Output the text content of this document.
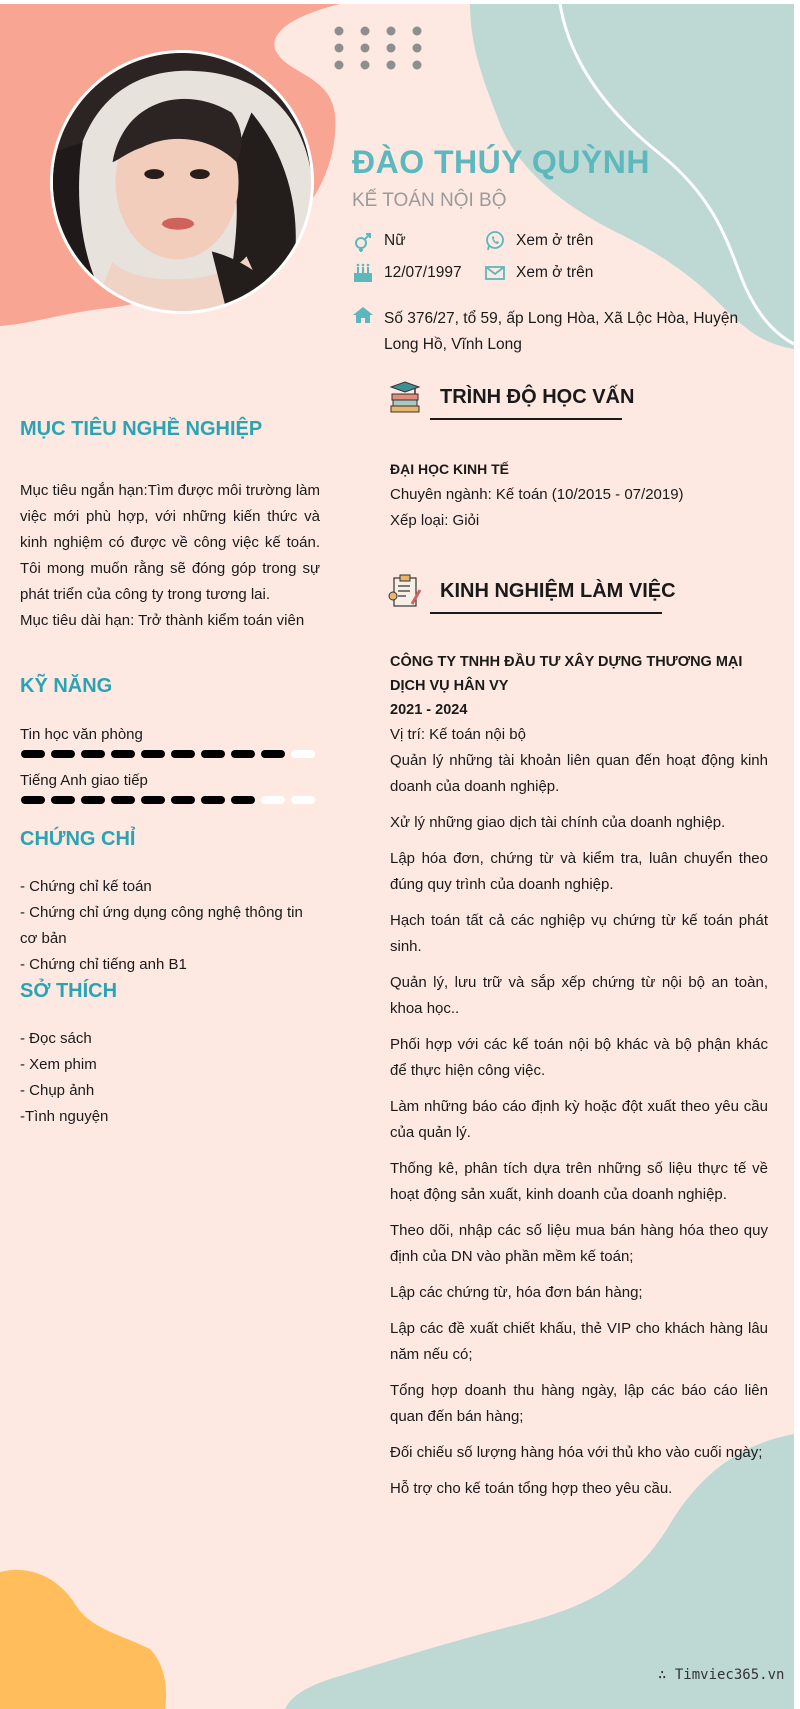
ĐÀO THÚY QUỲNH
KẾ TOÁN NỘI BỘ
Nữ	Xem ở trên
12/07/1997	Xem ở trên
Số 376/27, tổ 59, ấp Long Hòa, Xã Lộc Hòa, Huyện Long Hồ, Vĩnh Long
MỤC TIÊU NGHỀ NGHIỆP
Mục tiêu ngắn hạn:Tìm được môi trường làm việc mới phù hợp, với những kiến thức và kinh nghiệm có được về công việc kế toán. Tôi mong muốn rằng sẽ đóng góp trong sự phát triển của công ty trong tương lai.
Mục tiêu dài hạn: Trở thành kiểm toán viên
KỸ NĂNG
Tin học văn phòng
Tiếng Anh giao tiếp
CHỨNG CHỈ
- Chứng chỉ kế toán
- Chứng chỉ ứng dụng công nghệ thông tin cơ bản
- Chứng chỉ tiếng anh B1
SỞ THÍCH
- Đọc sách
- Xem phim
- Chụp ảnh
-Tình nguyện
TRÌNH ĐỘ HỌC VẤN
ĐẠI HỌC KINH TẾ
Chuyên ngành: Kế toán (10/2015 - 07/2019)
Xếp loại: Giỏi
KINH NGHIỆM LÀM VIỆC
CÔNG TY TNHH ĐẦU TƯ XÂY DỰNG THƯƠNG MẠI DỊCH VỤ HÂN VY
2021 - 2024
Vị trí: Kế toán nội bộ
Quản lý những tài khoản liên quan đến hoạt động kinh doanh của doanh nghiệp.
Xử lý những giao dịch tài chính của doanh nghiệp.
Lập hóa đơn, chứng từ và kiểm tra, luân chuyển theo đúng quy trình của doanh nghiệp.
Hạch toán tất cả các nghiệp vụ chứng từ kế toán phát sinh.
Quản lý, lưu trữ và sắp xếp chứng từ nội bộ an toàn, khoa học..
Phối hợp với các kế toán nội bộ khác và bộ phận khác để thực hiện công việc.
Làm những báo cáo định kỳ hoặc đột xuất theo yêu cầu của quản lý.
Thống kê, phân tích dựa trên những số liệu thực tế về hoạt động sản xuất, kinh doanh của doanh nghiệp.
Theo dõi, nhập các số liệu mua bán hàng hóa theo quy định của DN vào phần mềm kế toán;
Lập các chứng từ, hóa đơn bán hàng;
Lập các đề xuất chiết khấu, thẻ VIP cho khách hàng lâu năm nếu có;
Tổng hợp doanh thu hàng ngày, lập các báo cáo liên quan đến bán hàng;
Đối chiếu số lượng hàng hóa với thủ kho vào cuối ngày;
Hỗ trợ cho kế toán tổng hợp theo yêu cầu.
∴ Timviec365.vn
